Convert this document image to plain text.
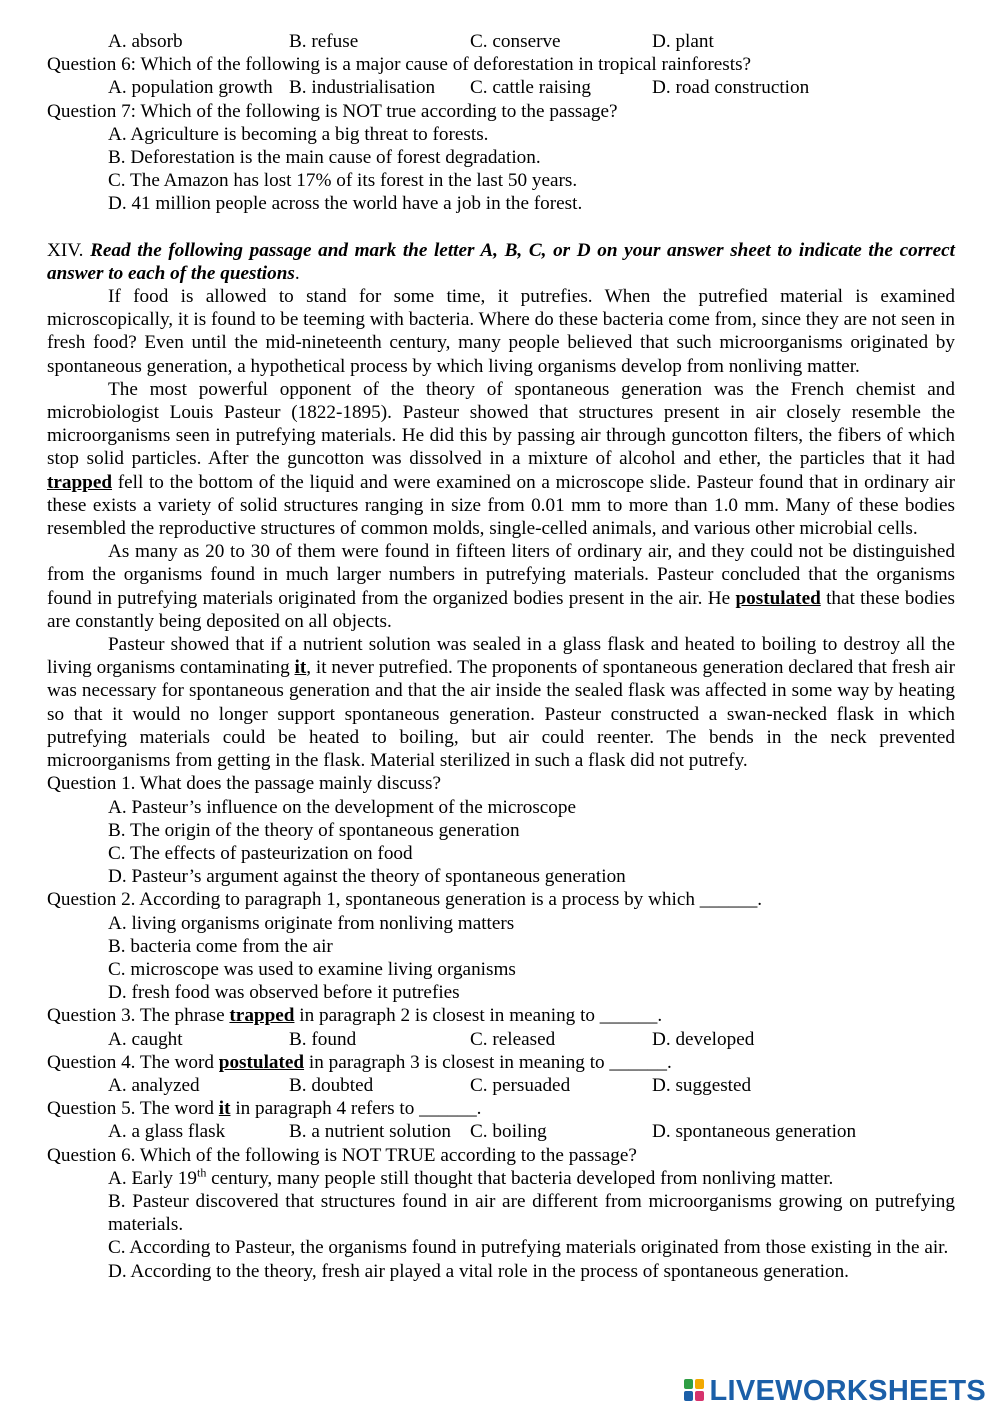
A. absorb	B. refuse	C. conserve	D. plant
Question 6: Which of the following is a major cause of deforestation in tropical rainforests?
A. population growth B. industrialisation	C. cattle raising	D. road construction
Question 7: Which of the following is NOT true according to the passage?
A. Agriculture is becoming a big threat to forests.
B. Deforestation is the main cause of forest degradation.
C. The Amazon has lost 17% of its forest in the last 50 years.
D. 41 million people across the world have a job in the forest.
XIV. Read the following passage and mark the letter A, B, C, or D on your answer sheet to indicate the correct answer to each of the questions.
If food is allowed to stand for some time, it putrefies. When the putrefied material is examined microscopically, it is found to be teeming with bacteria. Where do these bacteria come from, since they are not seen in fresh food? Even until the mid-nineteenth century, many people believed that such microorganisms originated by spontaneous generation, a hypothetical process by which living organisms develop from nonliving matter.
The most powerful opponent of the theory of spontaneous generation was the French chemist and microbiologist Louis Pasteur (1822-1895). Pasteur showed that structures present in air closely resemble the microorganisms seen in putrefying materials. He did this by passing air through guncotton filters, the fibers of which stop solid particles. After the guncotton was dissolved in a mixture of alcohol and ether, the particles that it had trapped fell to the bottom of the liquid and were examined on a microscope slide. Pasteur found that in ordinary air these exists a variety of solid structures ranging in size from 0.01 mm to more than 1.0 mm. Many of these bodies resembled the reproductive structures of common molds, single-celled animals, and various other microbial cells.
As many as 20 to 30 of them were found in fifteen liters of ordinary air, and they could not be distinguished from the organisms found in much larger numbers in putrefying materials. Pasteur concluded that the organisms found in putrefying materials originated from the organized bodies present in the air. He postulated that these bodies are constantly being deposited on all objects.
Pasteur showed that if a nutrient solution was sealed in a glass flask and heated to boiling to destroy all the living organisms contaminating it, it never putrefied. The proponents of spontaneous generation declared that fresh air was necessary for spontaneous generation and that the air inside the sealed flask was affected in some way by heating so that it would no longer support spontaneous generation. Pasteur constructed a swan-necked flask in which putrefying materials could be heated to boiling, but air could reenter. The bends in the neck prevented microorganisms from getting in the flask. Material sterilized in such a flask did not putrefy.
Question 1. What does the passage mainly discuss?
A. Pasteur’s influence on the development of the microscope
B. The origin of the theory of spontaneous generation
C. The effects of pasteurization on food
D. Pasteur’s argument against the theory of spontaneous generation
Question 2. According to paragraph 1, spontaneous generation is a process by which ______.
A. living organisms originate from nonliving matters
B. bacteria come from the air
C. microscope was used to examine living organisms
D. fresh food was observed before it putrefies
Question 3. The phrase trapped in paragraph 2 is closest in meaning to ______.
A. caught	B. found	C. released	D. developed
Question 4. The word postulated in paragraph 3 is closest in meaning to ______.
A. analyzed	B. doubted	C. persuaded	D. suggested
Question 5. The word it in paragraph 4 refers to ______.
A. a glass flask	B. a nutrient solution C. boiling	D. spontaneous generation
Question 6. Which of the following is NOT TRUE according to the passage?
A. Early 19th century, many people still thought that bacteria developed from nonliving matter.
B. Pasteur discovered that structures found in air are different from microorganisms growing on putrefying materials.
C. According to Pasteur, the organisms found in putrefying materials originated from those existing in the air.
D. According to the theory, fresh air played a vital role in the process of spontaneous generation.
LIVEWORKSHEETS
